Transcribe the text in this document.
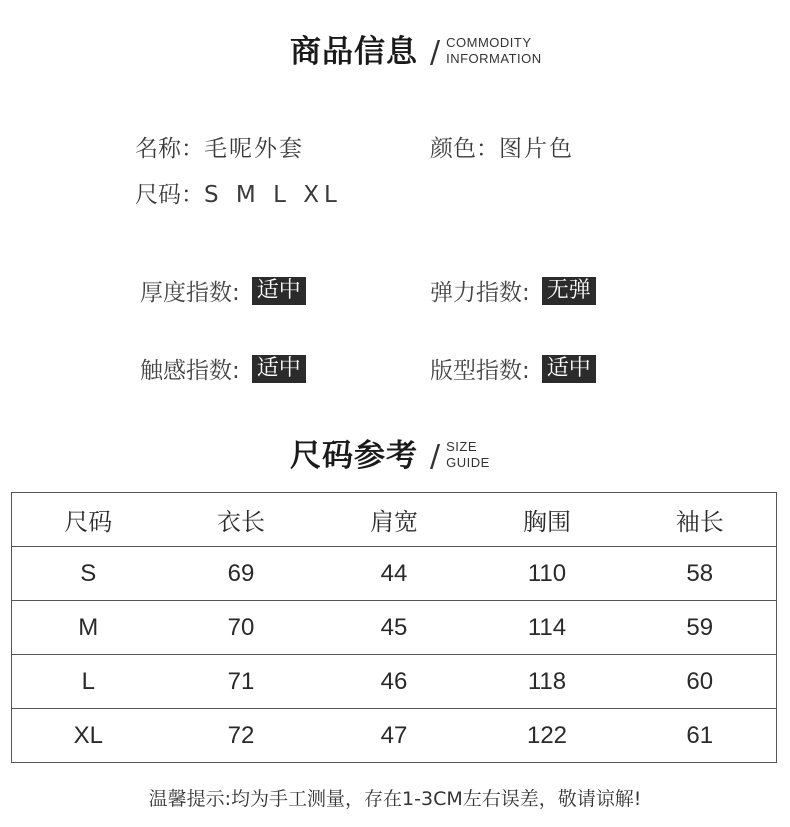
商品信息 / COMMODITY
INFORMATION
名称：毛呢外套	颜色：图片色
尺码：S M L XL
厚度指数: 适中	弹力指数: 无弹
触感指数: 适中	版型指数: 适中
尺码参考 / SIZE
GUIDE
尺码	衣长	肩宽	胸围	袖长
S	69	44	110	58
M	70	45	114	59
L	71	46	118	60
XL	72	47	122	61
温馨提示:均为手工测量，存在1-3CM左右误差，敬请谅解!
